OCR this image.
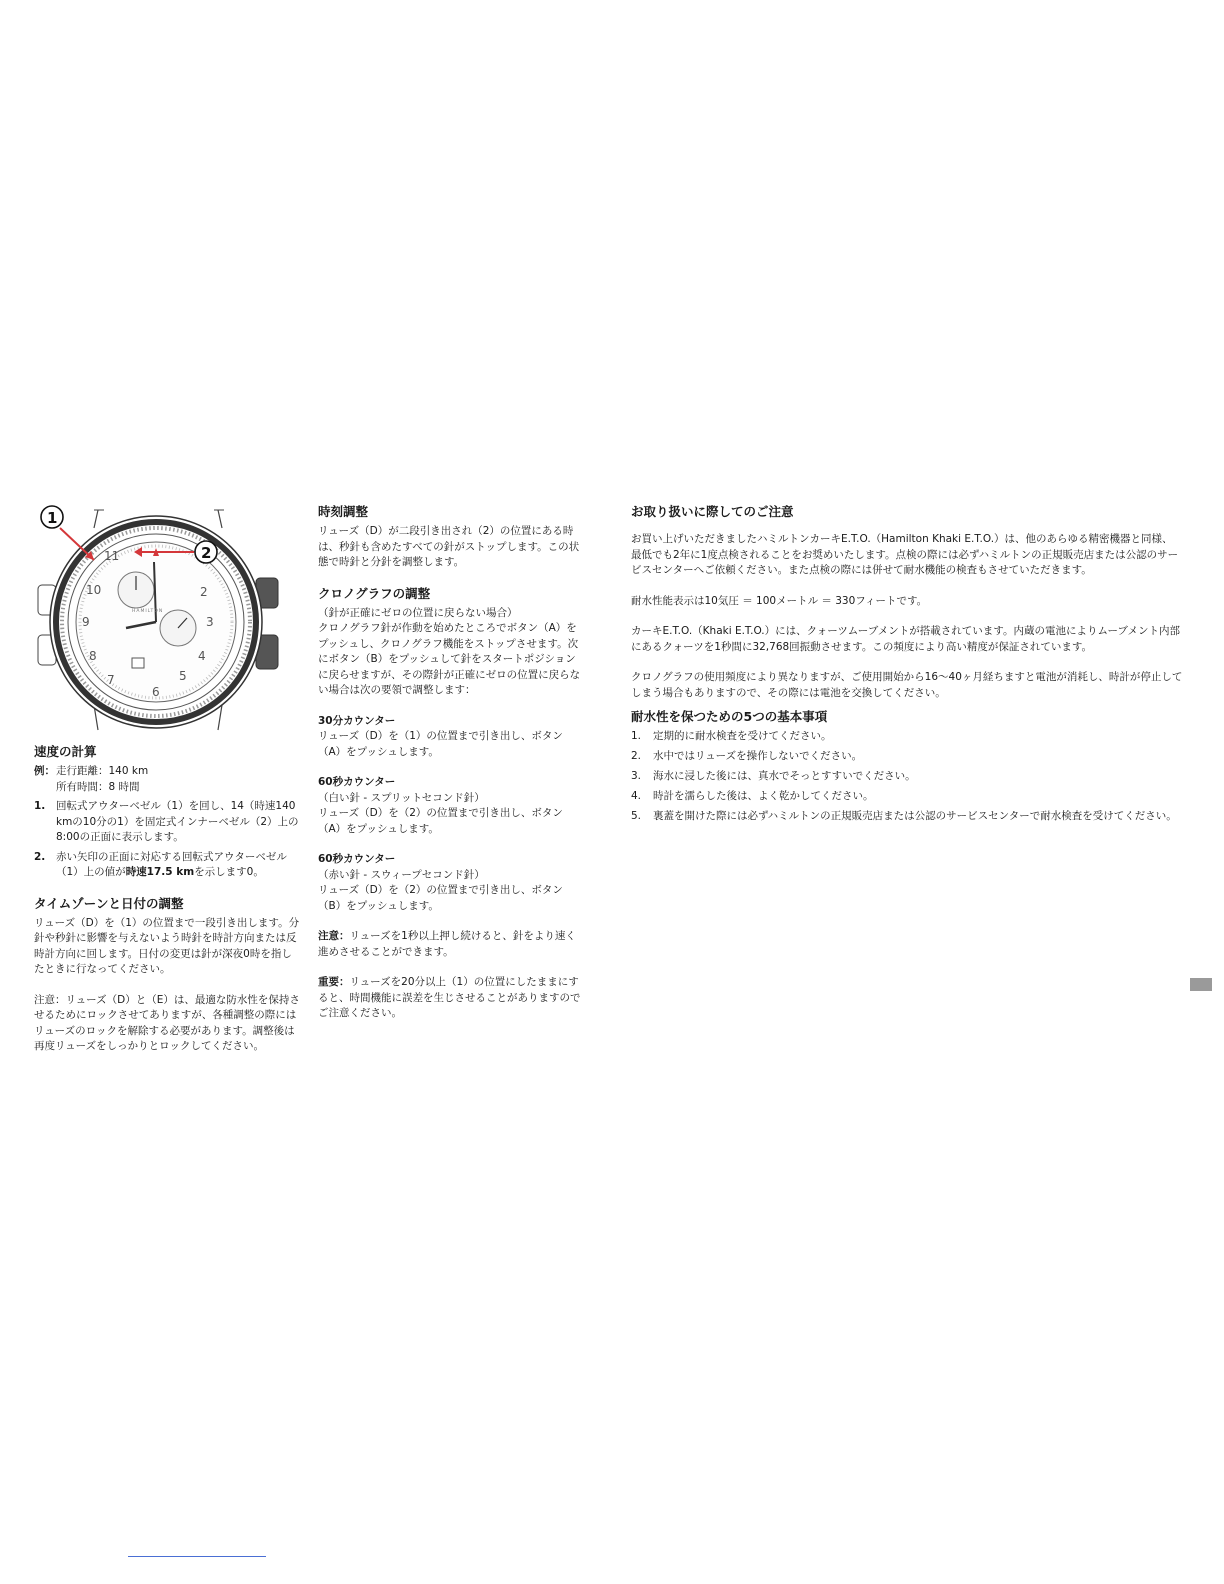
11
10
9
8
7
6
5
4
3
2
HAMILTON
1
2
速度の計算
例： 走行距離：140 km

所有時間：8 時間

1.	回転式アウターベゼル（1）を回し、14（時速140 kmの10分の1）を固定式インナーベゼル（2）上の8:00の正面に表示します。

2.	赤い矢印の正面に対応する回転式アウターベゼル（1）上の値が時速17.5 kmを示します0。

タイムゾーンと日付の調整

リューズ（D）を（1）の位置まで一段引き出します。分針や秒針に影響を与えないよう時針を時計方向または反時計方向に回します。日付の変更は針が深夜0時を指したときに行なってください。

注意：リューズ（D）と（E）は、最適な防水性を保持させるためにロックさせてありますが、各種調整の際にはリューズのロックを解除する必要があります。調整後は再度リューズをしっかりとロックしてください。

時刻調整

リューズ（D）が二段引き出され（2）の位置にある時は、秒針も含めたすべての針がストップします。この状態で時針と分針を調整します。

クロノグラフの調整

（針が正確にゼロの位置に戻らない場合）

クロノグラフ針が作動を始めたところでボタン（A）をプッシュし、クロノグラフ機能をストップさせます。次にボタン（B）をプッシュして針をスタートポジションに戻らせますが、その際針が正確にゼロの位置に戻らない場合は次の要領で調整します：

30分カウンター

リューズ（D）を（1）の位置まで引き出し、ボタン（A）をプッシュします。

60秒カウンター

（白い針 - スプリットセコンド針）

リューズ（D）を（2）の位置まで引き出し、ボタン（A）をプッシュします。

60秒カウンター

（赤い針 - スウィープセコンド針）

リューズ（D）を（2）の位置まで引き出し、ボタン（B）をプッシュします。

注意：リューズを1秒以上押し続けると、針をより速く進めさせることができます。

重要：リューズを20分以上（1）の位置にしたままにすると、時間機能に誤差を生じさせることがありますのでご注意ください。

お取り扱いに際してのご注意

お買い上げいただきましたハミルトンカーキE.T.O.（Hamilton Khaki E.T.O.）は、他のあらゆる精密機器と同様、最低でも2年に1度点検されることをお奨めいたします。点検の際には必ずハミルトンの正規販売店または公認のサービスセンターへご依頼ください。また点検の際には併せて耐水機能の検査もさせていただきます。

耐水性能表示は10気圧 ＝ 100メートル ＝ 330フィートです。

カーキE.T.O.（Khaki E.T.O.）には、クォーツムーブメントが搭載されています。内蔵の電池によりムーブメント内部にあるクォーツを1秒間に32,768回振動させます。この頻度により高い精度が保証されています。

クロノグラフの使用頻度により異なりますが、ご使用開始から16〜40ヶ月経ちますと電池が消耗し、時計が停止してしまう場合もありますので、その際には電池を交換してください。

耐水性を保つための5つの基本事項
1.	定期的に耐水検査を受けてください。
2.	水中ではリューズを操作しないでください。
3.	海水に浸した後には、真水でそっとすすいでください。
4.	時計を濡らした後は、よく乾かしてください。
5.	裏蓋を開けた際には必ずハミルトンの正規販売店または公認のサービスセンターで耐水検査を受けてください。
